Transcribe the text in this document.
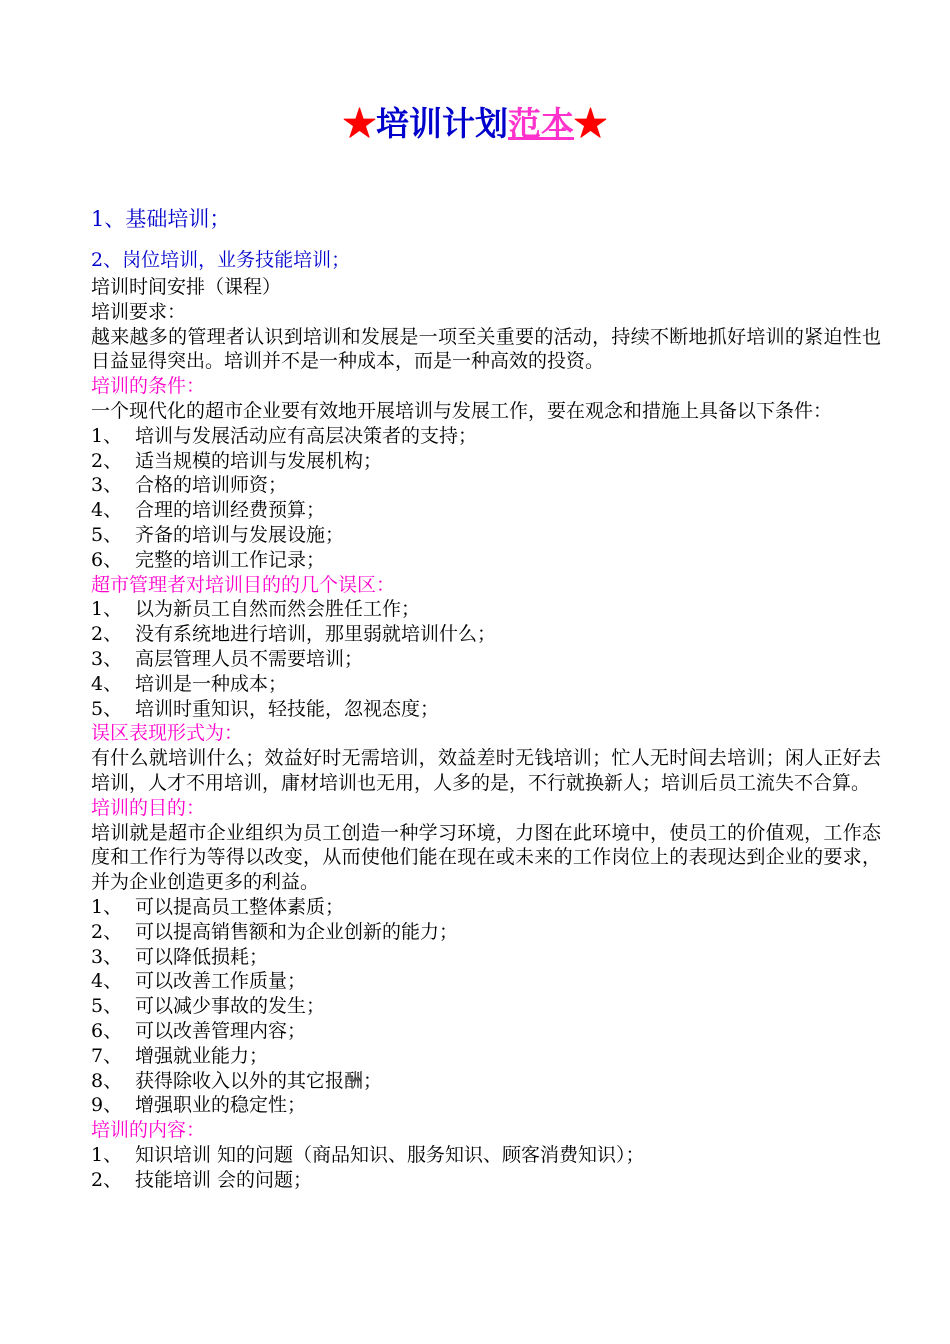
★培训计划范本★
1、基础培训；
2、岗位培训，业务技能培训；
培训时间安排（课程）
培训要求：
越来越多的管理者认识到培训和发展是一项至关重要的活动，持续不断地抓好培训的紧迫性也日益显得突出。培训并不是一种成本，而是一种高效的投资。
培训的条件：
一个现代化的超市企业要有效地开展培训与发展工作，要在观念和措施上具备以下条件：
1、 培训与发展活动应有高层决策者的支持；
2、 适当规模的培训与发展机构；
3、 合格的培训师资；
4、 合理的培训经费预算；
5、 齐备的培训与发展设施；
6、 完整的培训工作记录；
超市管理者对培训目的的几个误区：
1、 以为新员工自然而然会胜任工作；
2、 没有系统地进行培训，那里弱就培训什么；
3、 高层管理人员不需要培训；
4、 培训是一种成本；
5、 培训时重知识，轻技能，忽视态度；
误区表现形式为：
有什么就培训什么；效益好时无需培训，效益差时无钱培训；忙人无时间去培训；闲人正好去培训，人才不用培训，庸材培训也无用，人多的是，不行就换新人；培训后员工流失不合算。
培训的目的：
培训就是超市企业组织为员工创造一种学习环境，力图在此环境中，使员工的价值观，工作态度和工作行为等得以改变，从而使他们能在现在或未来的工作岗位上的表现达到企业的要求，并为企业创造更多的利益。
1、 可以提高员工整体素质；
2、 可以提高销售额和为企业创新的能力；
3、 可以降低损耗；
4、 可以改善工作质量；
5、 可以减少事故的发生；
6、 可以改善管理内容；
7、 增强就业能力；
8、 获得除收入以外的其它报酬；
9、 增强职业的稳定性；
培训的内容：
1、 知识培训 知的问题（商品知识、服务知识、顾客消费知识）；
2、 技能培训 会的问题；
